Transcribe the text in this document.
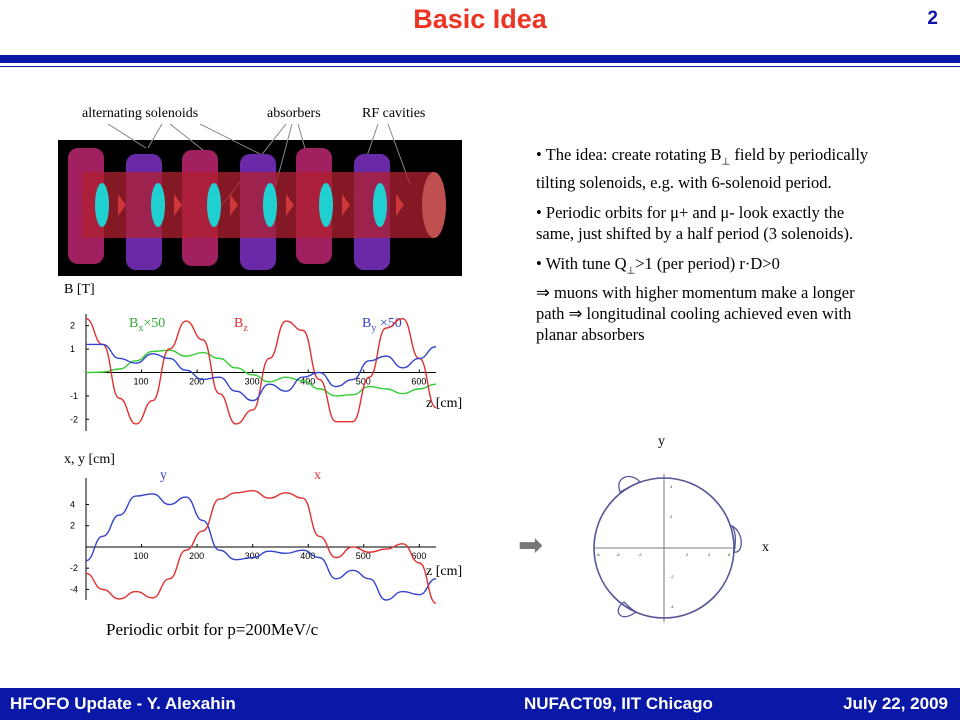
Basic Idea	2
alternating solenoids	absorbers	RF cavities
B [T]
$B_x\times 50$	$B_z$	$B_y \times 50$
z [cm]
100	200	300	400	500	600
-2
-1
1
2
x, y [cm]
y	x
z [cm]
100	200	300	400	500	600
-4
-2
2
4
Periodic orbit for p=200MeV/c

• The idea: create rotating $B_\perp$ field by periodically tilting solenoids, e.g. with 6-solenoid period.

• Periodic orbits for μ+ and μ- look exactly the same, just shifted by a half period (3 solenoids).

• With tune $Q_\perp>1$ (per period) r·D>0
⇒ muons with higher momentum make a longer path ⇒ longitudinal cooling achieved even with planar absorbers

➡
y
x
4
2
-2
-4
-6	-4	-2	2	4	6
HFOFO Update - Y. Alexahin	NUFACT09, IIT Chicago	July 22, 2009
